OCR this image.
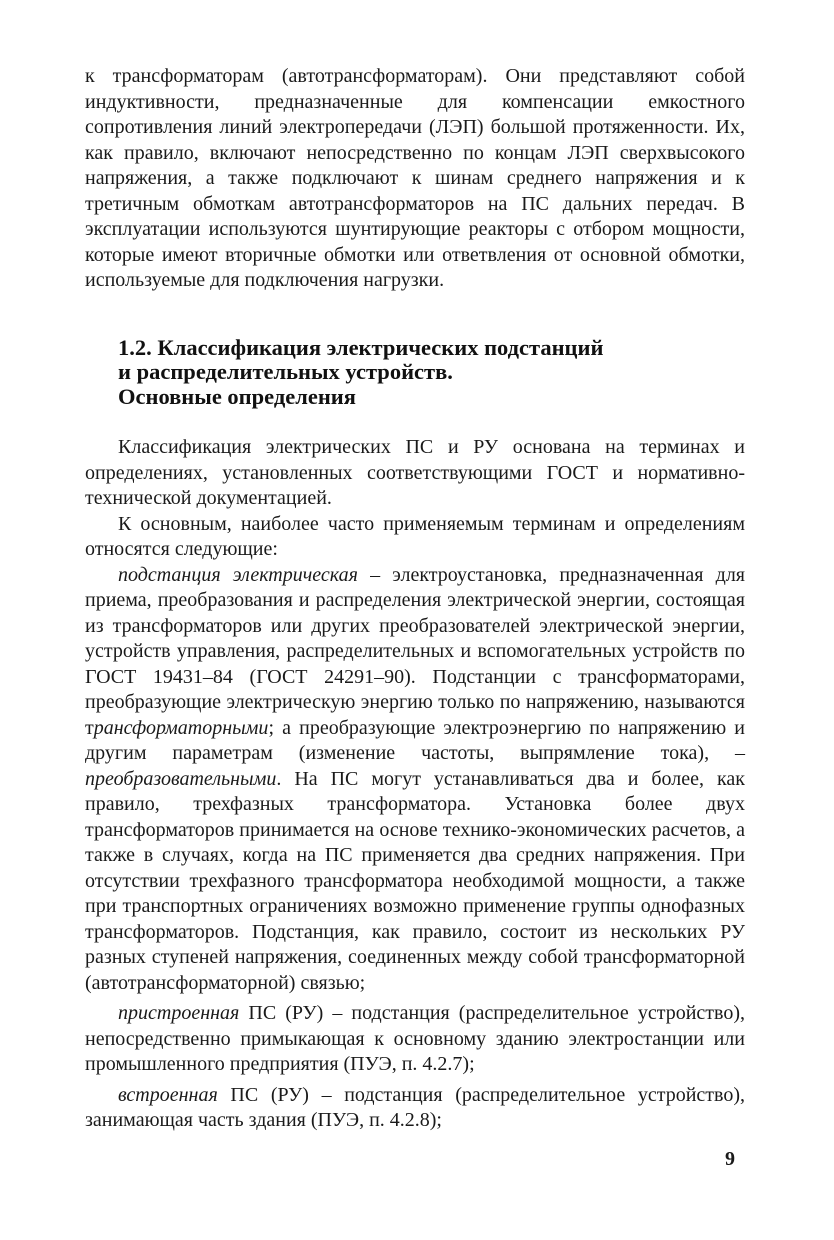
к трансформаторам (автотрансформаторам). Они представляют собой индуктивности, предназначенные для компенсации емкостного сопротивления линий электропередачи (ЛЭП) большой протяженности. Их, как правило, включают непосредственно по концам ЛЭП сверхвысокого напряжения, а также подключают к шинам среднего напряжения и к третичным обмоткам автотрансформаторов на ПС дальних передач. В эксплуатации используются шунтирующие реакторы с отбором мощности, которые имеют вторичные обмотки или ответвления от основной обмотки, используемые для подключения нагрузки.

1.2. Классификация электрических подстанций
и распределительных устройств.
Основные определения

Классификация электрических ПС и РУ основана на терминах и определениях, установленных соответствующими ГОСТ и нормативно-технической документацией.

К основным, наиболее часто применяемым терминам и определениям относятся следующие:

подстанция электрическая – электроустановка, предназначенная для приема, преобразования и распределения электрической энергии, состоящая из трансформаторов или других преобразователей электрической энергии, устройств управления, распределительных и вспомогательных устройств по ГОСТ 19431–84 (ГОСТ 24291–90). Подстанции с трансформаторами, преобразующие электрическую энергию только по напряжению, называются трансформаторными; а преобразующие электроэнергию по напряжению и другим параметрам (изменение частоты, выпрямление тока), – преобразовательными. На ПС могут устанавливаться два и более, как правило, трехфазных трансформатора. Установка более двух трансформаторов принимается на основе технико-экономических расчетов, а также в случаях, когда на ПС применяется два средних напряжения. При отсутствии трехфазного трансформатора необходимой мощности, а также при транспортных ограничениях возможно применение группы однофазных трансформаторов. Подстанция, как правило, состоит из нескольких РУ разных ступеней напряжения, соединенных между собой трансформаторной (автотрансформаторной) связью;

пристроенная ПС (РУ) – подстанция (распределительное устройство), непосредственно примыкающая к основному зданию электростанции или промышленного предприятия (ПУЭ, п. 4.2.7);

встроенная ПС (РУ) – подстанция (распределительное устройство), занимающая часть здания (ПУЭ, п. 4.2.8);

9
